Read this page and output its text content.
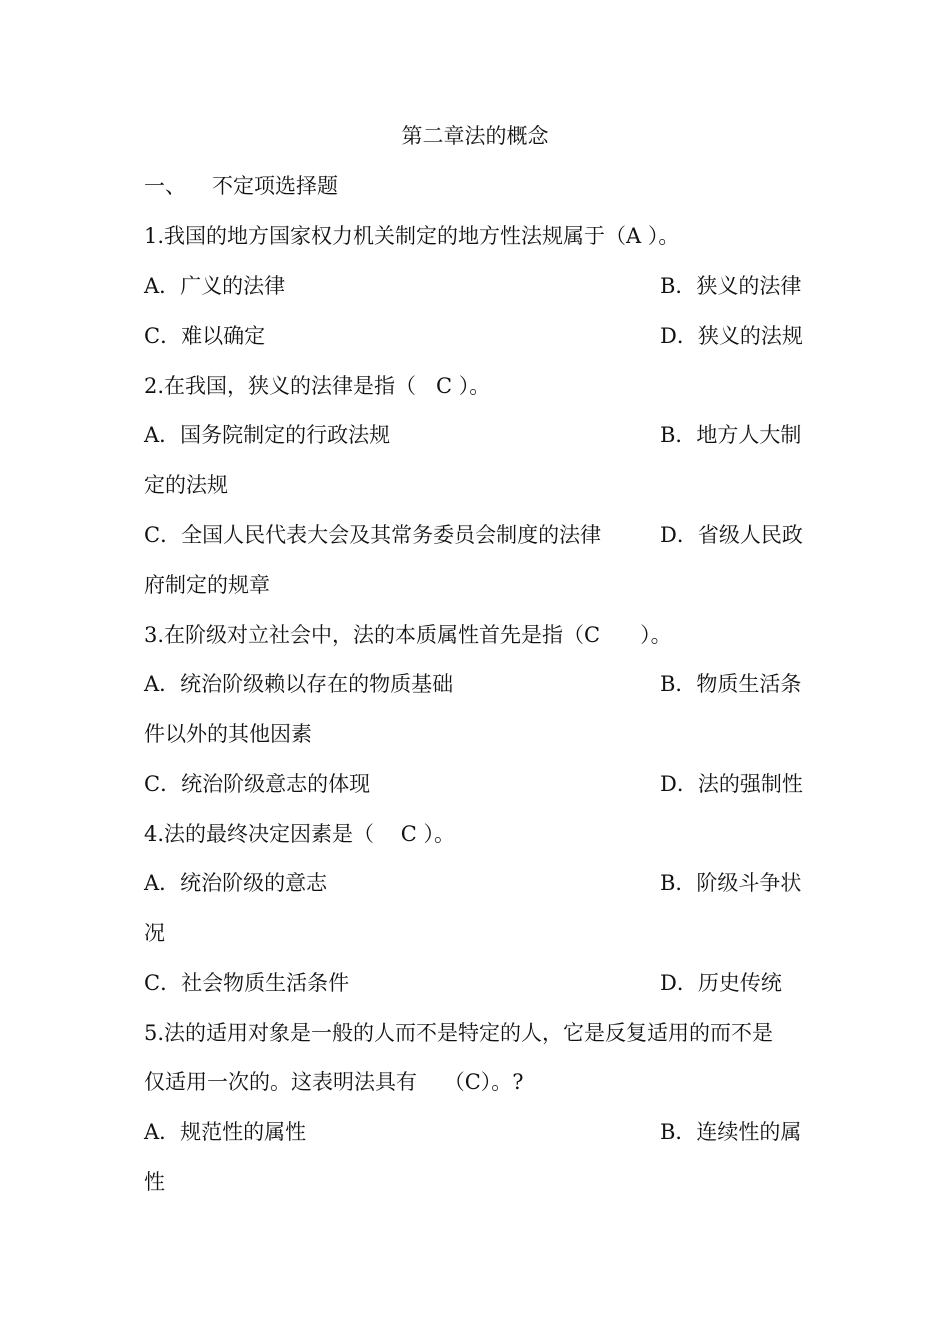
第二章法的概念
一、 不定项选择题
1.我国的地方国家权力机关制定的地方性法规属于（A ）。
A．广义的法律	B．狭义的法律
C．难以确定	D．狭义的法规
2.在我国，狭义的法律是指（   C ）。
A．国务院制定的行政法规	B．地方人大制
定的法规
C．全国人民代表大会及其常务委员会制度的法律	D．省级人民政
府制定的规章
3.在阶级对立社会中，法的本质属性首先是指（C      ）。
A．统治阶级赖以存在的物质基础	B．物质生活条
件以外的其他因素
C．统治阶级意志的体现	D．法的强制性
4.法的最终决定因素是（    C ）。
A．统治阶级的意志	B．阶级斗争状
况
C．社会物质生活条件	D．历史传统
5.法的适用对象是一般的人而不是特定的人，它是反复适用的而不是
仅适用一次的。这表明法具有    （C）。?
A．规范性的属性	B．连续性的属
性
